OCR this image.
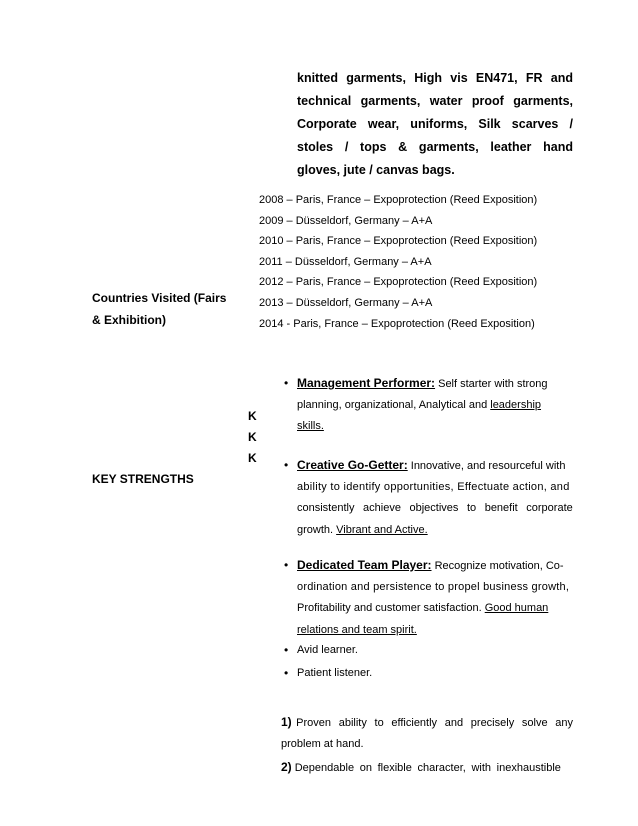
knitted garments, High vis EN471, FR and
technical garments, water proof garments,
Corporate wear, uniforms, Silk scarves /
stoles / tops & garments, leather hand
gloves, jute / canvas bags.
2008 – Paris, France – Expoprotection (Reed Exposition)
2009 – Düsseldorf, Germany – A+A
2010 – Paris, France – Expoprotection (Reed Exposition)
2011 – Düsseldorf, Germany – A+A
2012 – Paris, France – Expoprotection (Reed Exposition)
2013 – Düsseldorf, Germany – A+A
2014 - Paris, France – Expoprotection (Reed Exposition)
Countries Visited (Fairs
& Exhibition)
K
K
K
KEY STRENGTHS
• Management Performer: Self starter with strong
planning, organizational, Analytical and leadership
skills.
• Creative Go-Getter: Innovative, and resourceful with
ability to identify opportunities, Effectuate action, and
consistently achieve objectives to benefit corporate
growth. Vibrant and Active.
• Dedicated Team Player: Recognize motivation, Co-
ordination and persistence to propel business growth,
Profitability and customer satisfaction. Good human
relations and team spirit.
• Avid learner.
• Patient listener.
1) Proven ability to efficiently and precisely solve any
problem at hand.
2) Dependable on flexible character, with inexhaustible
